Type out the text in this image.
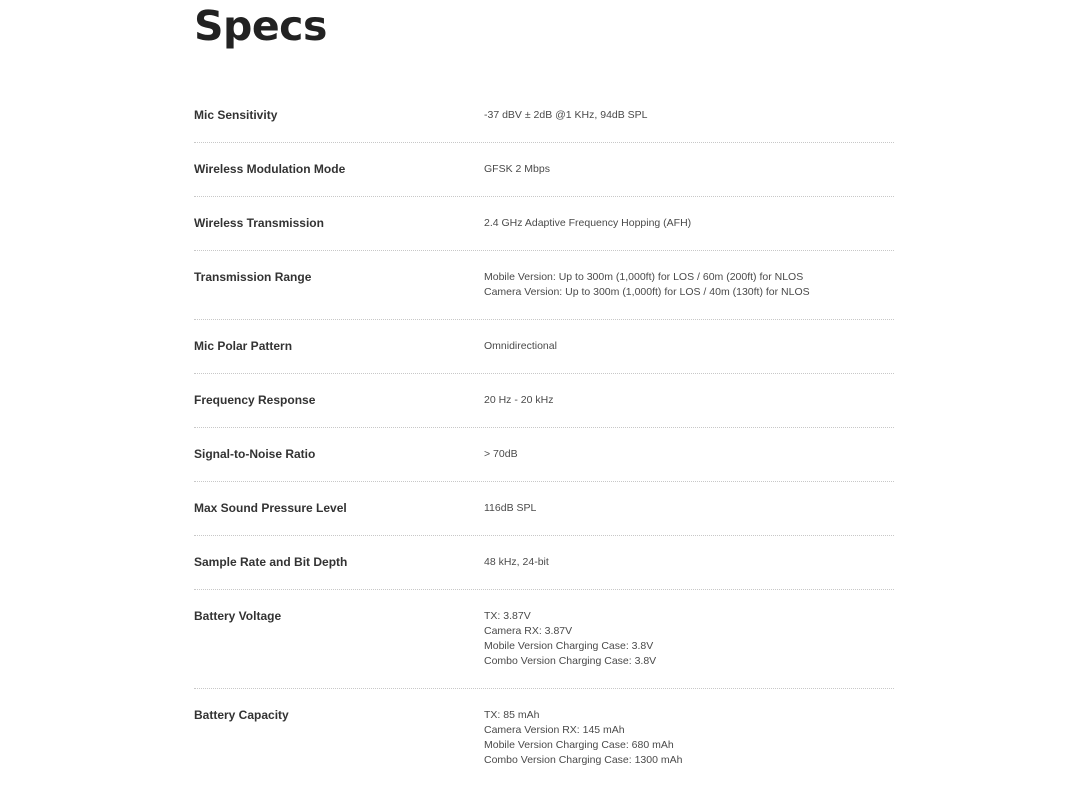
Specs
Mic Sensitivity	-37 dBV ± 2dB @1 KHz, 94dB SPL
Wireless Modulation Mode	GFSK 2 Mbps
Wireless Transmission	2.4 GHz Adaptive Frequency Hopping (AFH)
Transmission Range	Mobile Version: Up to 300m (1,000ft) for LOS / 60m (200ft) for NLOS
Camera Version: Up to 300m (1,000ft) for LOS / 40m (130ft) for NLOS
Mic Polar Pattern	Omnidirectional
Frequency Response	20 Hz - 20 kHz
Signal-to-Noise Ratio	> 70dB
Max Sound Pressure Level	116dB SPL
Sample Rate and Bit Depth	48 kHz, 24-bit
Battery Voltage	TX: 3.87V
Camera RX: 3.87V
Mobile Version Charging Case: 3.8V
Combo Version Charging Case: 3.8V
Battery Capacity	TX: 85 mAh
Camera Version RX: 145 mAh
Mobile Version Charging Case: 680 mAh
Combo Version Charging Case: 1300 mAh
